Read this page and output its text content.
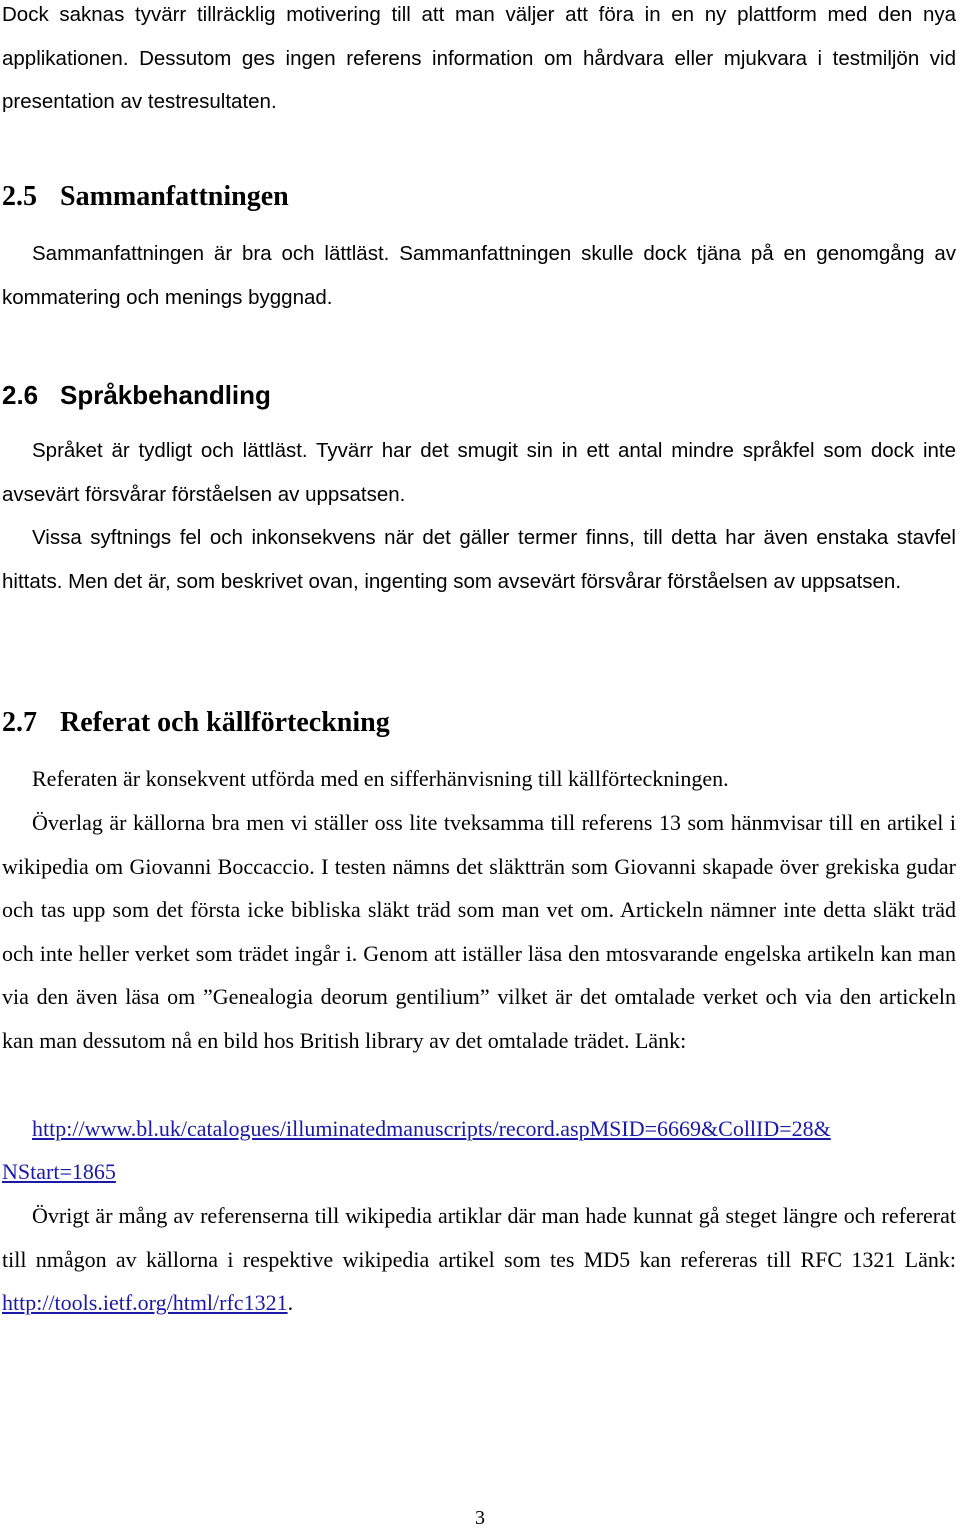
Dock saknas tyvärr tillräcklig motivering till att man väljer att föra in en ny plattform med den nya applikationen. Dessutom ges ingen referens information om hårdvara eller mjukvara i testmiljön vid presentation av testresultaten.

2.5 Sammanfattningen

Sammanfattningen är bra och lättläst. Sammanfattningen skulle dock tjäna på en genomgång av kommatering och menings byggnad.

2.6 Språkbehandling

Språket är tydligt och lättläst. Tyvärr har det smugit sin in ett antal mindre språkfel som dock inte avsevärt försvårar förståelsen av uppsatsen.

Vissa syftnings fel och inkonsekvens när det gäller termer finns, till detta har även enstaka stavfel hittats. Men det är, som beskrivet ovan, ingenting som avsevärt försvårar förståelsen av uppsatsen.

2.7 Referat och källförteckning

Referaten är konsekvent utförda med en sifferhänvisning till källförteckningen.

Överlag är källorna bra men vi ställer oss lite tveksamma till referens 13 som hänmvisar till en artikel i wikipedia om Giovanni Boccaccio. I testen nämns det släktträn som Giovanni skapade över grekiska gudar och tas upp som det första icke bibliska släkt träd som man vet om. Artickeln nämner inte detta släkt träd och inte heller verket som trädet ingår i. Genom att iställer läsa den mtosvarande engelska artikeln kan man via den även läsa om ”Genealogia deorum gentilium” vilket är det omtalade verket och via den artickeln kan man dessutom nå en bild hos British library av det omtalade trädet. Länk:

http://www.bl.uk/catalogues/illuminatedmanuscripts/record.aspMSID=6669&CollID=28&
NStart=1865

Övrigt är mång av referenserna till wikipedia artiklar där man hade kunnat gå steget längre och refererat till nmågon av källorna i respektive wikipedia artikel som tes MD5 kan refereras till RFC 1321 Länk: http://tools.ietf.org/html/rfc1321.

3
